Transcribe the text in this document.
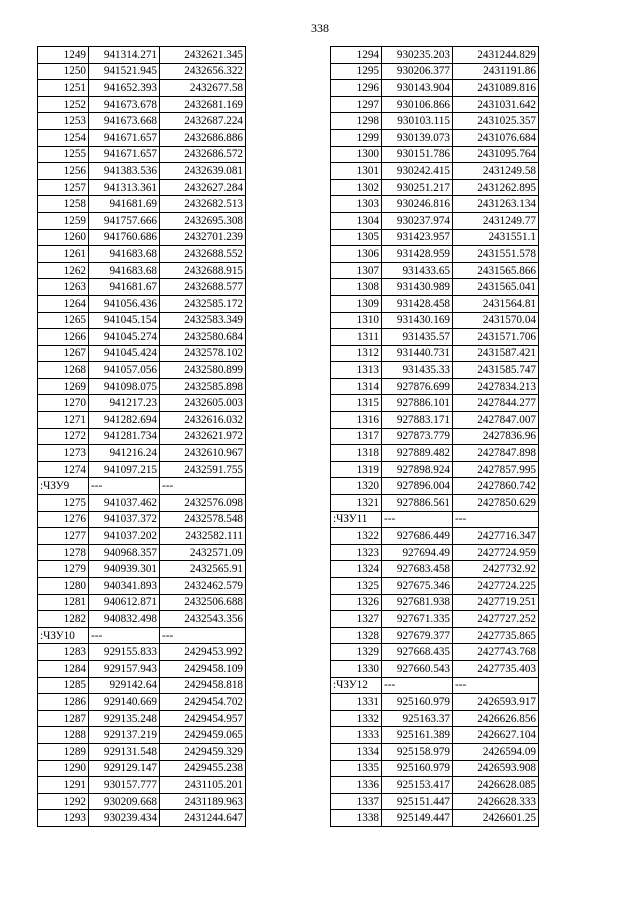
338
1249	941314.271	2432621.345
1250	941521.945	2432656.322
1251	941652.393	2432677.58
1252	941673.678	2432681.169
1253	941673.668	2432687.224
1254	941671.657	2432686.886
1255	941671.657	2432686.572
1256	941383.536	2432639.081
1257	941313.361	2432627.284
1258	941681.69	2432682.513
1259	941757.666	2432695.308
1260	941760.686	2432701.239
1261	941683.68	2432688.552
1262	941683.68	2432688.915
1263	941681.67	2432688.577
1264	941056.436	2432585.172
1265	941045.154	2432583.349
1266	941045.274	2432580.684
1267	941045.424	2432578.102
1268	941057.056	2432580.899
1269	941098.075	2432585.898
1270	941217.23	2432605.003
1271	941282.694	2432616.032
1272	941281.734	2432621.972
1273	941216.24	2432610.967
1274	941097.215	2432591.755
:ЧЗУ9	---	---
1275	941037.462	2432576.098
1276	941037.372	2432578.548
1277	941037.202	2432582.111
1278	940968.357	2432571.09
1279	940939.301	2432565.91
1280	940341.893	2432462.579
1281	940612.871	2432506.688
1282	940832.498	2432543.356
:ЧЗУ10	---	---
1283	929155.833	2429453.992
1284	929157.943	2429458.109
1285	929142.64	2429458.818
1286	929140.669	2429454.702
1287	929135.248	2429454.957
1288	929137.219	2429459.065
1289	929131.548	2429459.329
1290	929129.147	2429455.238
1291	930157.777	2431105.201
1292	930209.668	2431189.963
1293	930239.434	2431244.647
1294	930235.203	2431244.829
1295	930206.377	2431191.86
1296	930143.904	2431089.816
1297	930106.866	2431031.642
1298	930103.115	2431025.357
1299	930139.073	2431076.684
1300	930151.786	2431095.764
1301	930242.415	2431249.58
1302	930251.217	2431262.895
1303	930246.816	2431263.134
1304	930237.974	2431249.77
1305	931423.957	2431551.1
1306	931428.959	2431551.578
1307	931433.65	2431565.866
1308	931430.989	2431565.041
1309	931428.458	2431564.81
1310	931430.169	2431570.04
1311	931435.57	2431571.706
1312	931440.731	2431587.421
1313	931435.33	2431585.747
1314	927876.699	2427834.213
1315	927886.101	2427844.277
1316	927883.171	2427847.007
1317	927873.779	2427836.96
1318	927889.482	2427847.898
1319	927898.924	2427857.995
1320	927896.004	2427860.742
1321	927886.561	2427850.629
:ЧЗУ11	---	---
1322	927686.449	2427716.347
1323	927694.49	2427724.959
1324	927683.458	2427732.92
1325	927675.346	2427724.225
1326	927681.938	2427719.251
1327	927671.335	2427727.252
1328	927679.377	2427735.865
1329	927668.435	2427743.768
1330	927660.543	2427735.403
:ЧЗУ12	---	---
1331	925160.979	2426593.917
1332	925163.37	2426626.856
1333	925161.389	2426627.104
1334	925158.979	2426594.09
1335	925160.979	2426593.908
1336	925153.417	2426628.085
1337	925151.447	2426628.333
1338	925149.447	2426601.25
